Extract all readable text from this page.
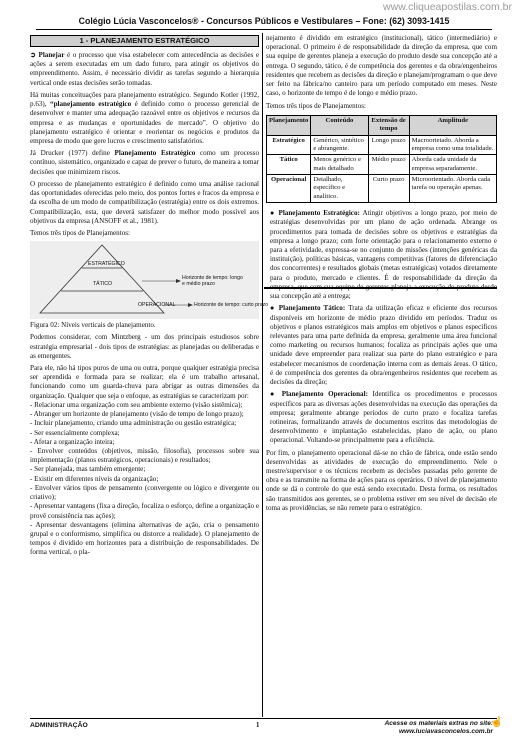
www.cliqueapostilas.com.br
Colégio Lúcia Vasconcelos® - Concursos Públicos e Vestibulares – Fone: (62) 3093-1415
1 - PLANEJAMENTO ESTRATÉGICO

➲ Planejar é o processo que visa estabelecer com antecedência as decisões e ações a serem executadas em um dado futuro, para atingir os objetivos do empreendimento. Assim, é necessário dividir as tarefas segundo a hierarquia vertical onde estas decisões serão tomadas.

Há muitas conceituações para planejamento estratégico. Segundo Kotler (1992, p.63), “planejamento estratégico é definido como o processo gerencial de desenvolver e manter uma adequação razoável entre os objetivos e recursos da empresa e as mudanças e oportunidades de mercado”. O objetivo do planejamento estratégico é orientar e reorientar os negócios e produtos da empresa de modo que gere lucros e crescimento satisfatórios.

Já Drucker (1977) define Planejamento Estratégico como um processo contínuo, sistemático, organizado e capaz de prever o futuro, de maneira a tomar decisões que minimizem riscos.

O processo de planejamento estratégico é definido como uma análise racional das oportunidades oferecidas pelo meio, dos pontos fortes e fracos da empresa e da escolha de um modo de compatibilização (estratégia) entre os dois extremos. Compatibilização, esta, que deverá satisfazer do melhor modo possível aos objetivos da empresa (ANSOFF et al., 1981).

Temos três tipos de Planejamentos:

ESTRATÉGICO
TÁTICO
OPERACIONAL
Horizonte de tempo: longo
e médio prazo
Horizonte de tempo: curto prazo

Figura 02: Níveis verticais de planejamento.

Podemos considerar, com Mintzberg - um dos principais estudiosos sobre estratégia empresarial - dois tipos de estratégias: as planejadas ou deliberadas e as emergentes.

Para ele, não há tipos puros de uma ou outra, porque qualquer estratégia precisa ser aprendida e formada para se realizar; ela é um trabalho artesanal, funcionando como um guarda-chuva para abrigar as outras dimensões da organização. Qualquer que seja o enfoque, as estratégias se caracterizam por:

- Relacionar uma organização com seu ambiente externo (visão sistêmica);
- Abranger um horizonte de planejamento (visão de tempo de longo prazo);
- Incluir planejamento, criando uma administração ou gestão estratégica;
- Ser essencialmente complexa;
- Afetar a organização inteira;
- Envolver conteúdos (objetivos, missão, filosofia), processos sobre sua implementação (planos estratégicos, operacionais) e resultados;
- Ser planejada, mas também emergente;
- Existir em diferentes níveis da organização;
- Envolver vários tipos de pensamento (convergente ou lógico e divergente ou criativo);
- Apresentar vantagens (fixa a direção, focaliza o esforço, define a organização e provê consistência nas ações);
- Apresentar desvantagens (elimina alternativas de ação, cria o pensamento grupal e o conformismo, simplifica ou distorce a realidade). O planejamento de tempos é dividido em horizontes para a distribuição de responsabilidades. De forma vertical, o pla-

nejamento é dividido em estratégico (institucional), tático (intermediário) e operacional. O primeiro é de responsabilidade da direção da empresa, que com sua equipe de gerentes planeja a execução do produto desde sua concepção até a entrega. O segundo, tático, é de competência dos gerentes e da obra/engenheiros residentes que recebem as decisões da direção e planejam/programam o que deve ser feito na fábrica/no canteiro para um período computado em meses. Neste caso, o horizonte de tempo é de longo e médio prazo.

Temos três tipos de Planejamentos:

Planejamento	Conteúdo	Extensão de tempo	Amplitude
Estratégico	Genérico, sintético e abrangente.	Longo prazo	Macroorietado. Aborda a empresa como uma totalidade.
Tático	Menos genérico e mais detalhado	Médio prazo	Aborda cada unidade da empresa separadamente.
Operacional	Detalhado, específico e analítico.	Curto prazo	Microorientado. Aborda cada tarefa ou operação apenas.

● Planejamento Estratégico: Atingir objetivos a longo prazo, por meio de estratégias desenvolvidas por um plano de ação ordenada. Abrange os procedimentos para tomada de decisões sobre os objetivos e estratégias da empresa a longo prazo; com forte orientação para o relacionamento externo e para a efetividade, expressa-se no conjunto de missões (intenções genéricas da instituição), políticas básicas, vantagens competitivas (fatores de diferenciação dos concorrentes) e resultados globais (metas estratégicas) votados diretamente para o produto, mercado e clientes. É de responsabilidade da direção da empresa, que com sua equipe de gerentes planeja a execução do produto desde sua concepção até a entrega;

● Planejamento Tático: Trata da utilização eficaz e eficiente dos recursos disponíveis em horizonte de médio prazo dividido em períodos. Traduz os objetivos e planos estratégicos mais amplos em objetivos e planos específicos relevantes para uma parte definida da empresa, geralmente uma área funcional como marketing ou recursos humanos; focaliza as principais ações que uma unidade deve empreender para realizar sua parte do plano estratégico e para estabelecer mecanismos de coordenação interna com as demais áreas. O tático, é de competência dos gerentes da obra/engenheiros residentes que recebem as decisões da direção;

● Planejamento Operacional: Identifica os procedimentos e processos específicos para as diversas ações desenvolvidas na execução das operações da empresa; geralmente abrange períodos de curto prazo e focaliza tarefas rotineiras, formalizando através de documentos escritos das metodologias de desenvolvimento e implantação estabelecidas, plano de ação, ou plano operacional. Voltando-se principalmente para a eficiência.

Por fim, o planejamento operacional dá-se no chão de fábrica, onde estão sendo desenvolvidas as atividades de execução do empreendimento. Nele o mestre/supervisor e os técnicos recebem as decisões passadas pelo gerente de obra e as transmite na forma de ações para os operários. O nível de planejamento onde se dá o controle do que está sendo executado. Desta forma, os resultados são transmitidos aos gerentes, se o problema estiver em seu nível de decisão ele toma as providências, se não remete para o estratégico.

ADMINISTRAÇÃO	1	Acesse os materiais extras no site:
www.luciavasconcelos.com.br
☝
